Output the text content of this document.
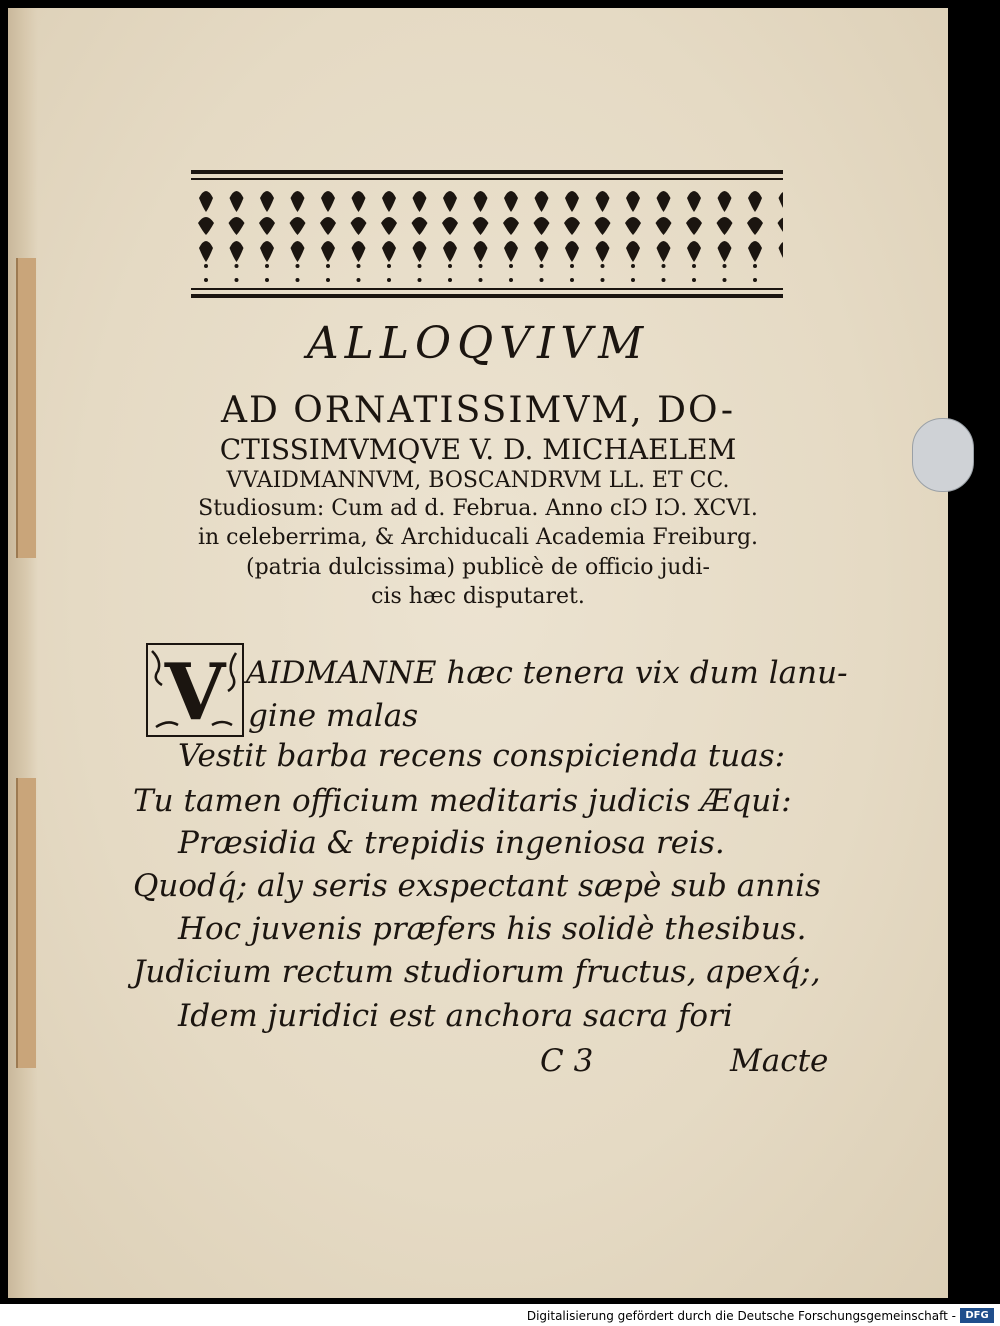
ALLOQVIVM
AD ORNATISSIMVM, DO-
CTISSIMVMQVE V. D. MICHAELEM
VVAIDMANNVM, BOSCANDRVM LL. ET CC.
Studiosum: Cum ad d. Februa. Anno cIƆ IƆ. XCVI.
in celeberrima, & Archiducali Academia Freiburg.
(patria dulcissima) publicè de officio judi-
cis hæc disputaret.
V AIDMANNE hæc tenera vix dum lanu-
gine malas
Vestit barba recens conspicienda tuas:
Tu tamen officium meditaris judicis Æqui:
Præsidia & trepidis ingeniosa reis.
Quodq́; aly seris exspectant sæpè sub annis
Hoc juvenis præfers his solidè thesibus.
Judicium rectum studiorum fructus, apexq́;,
Idem juridici est anchora sacra fori
C 3	Macte
Digitalisierung gefördert durch die Deutsche Forschungsgemeinschaft - DFG
